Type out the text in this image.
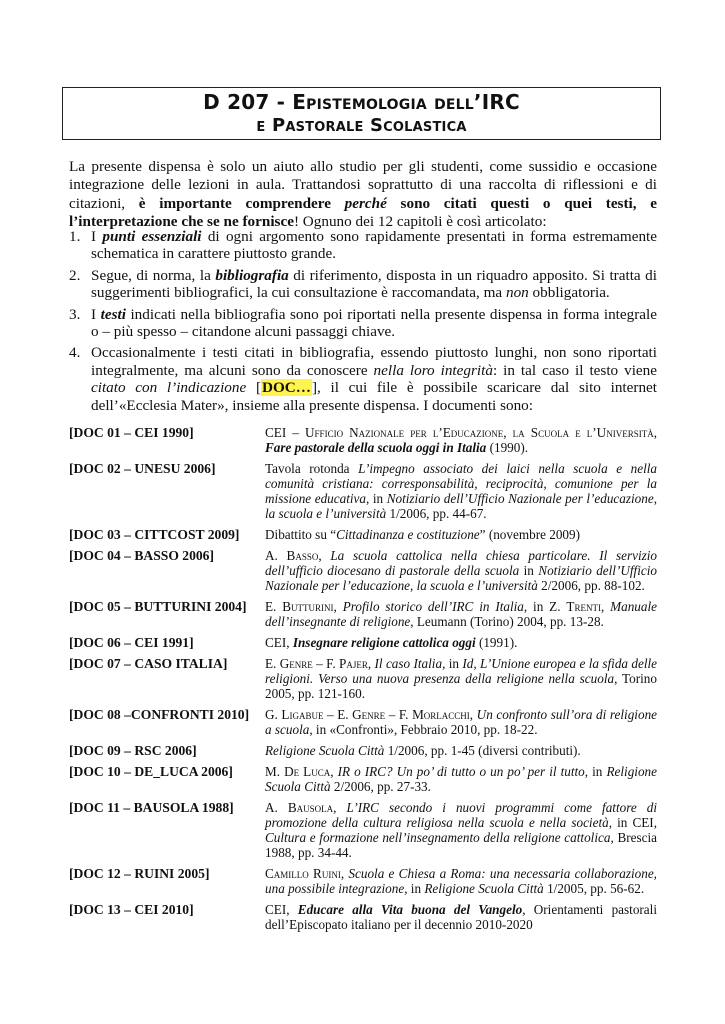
D 207 - Epistemologia dell’IRC
e Pastorale Scolastica
La presente dispensa è solo un aiuto allo studio per gli studenti, come sussidio e occasione integrazione delle lezioni in aula. Trattandosi soprattutto di una raccolta di riflessioni e di citazioni, è importante comprendere perché sono citati questi o quei testi, e l’interpretazione che se ne fornisce! Ognuno dei 12 capitoli è così articolato:
1. I punti essenziali di ogni argomento sono rapidamente presentati in forma estremamente schematica in carattere piuttosto grande.
2. Segue, di norma, la bibliografia di riferimento, disposta in un riquadro apposito. Si tratta di suggerimenti bibliografici, la cui consultazione è raccomandata, ma non obbligatoria.
3. I testi indicati nella bibliografia sono poi riportati nella presente dispensa in forma integrale o – più spesso – citandone alcuni passaggi chiave.
4. Occasionalmente i testi citati in bibliografia, essendo piuttosto lunghi, non sono riportati integralmente, ma alcuni sono da conoscere nella loro integrità: in tal caso il testo viene citato con l’indicazione [DOC…], il cui file è possibile scaricare dal sito internet dell’«Ecclesia Mater», insieme alla presente dispensa. I documenti sono:
[DOC 01 – CEI 1990]	CEI – Ufficio Nazionale per l’Educazione, la Scuola e l’Università, Fare pastorale della scuola oggi in Italia (1990).
[DOC 02 – UNESU 2006]	Tavola rotonda L’impegno associato dei laici nella scuola e nella comunità cristiana: corresponsabilità, reciprocità, comunione per la missione educativa, in Notiziario dell’Ufficio Nazionale per l’educazione, la scuola e l’università 1/2006, pp. 44-67.
[DOC 03 – CITTCOST 2009]	Dibattito su “Cittadinanza e costituzione” (novembre 2009)
[DOC 04 – BASSO 2006]	A. Basso, La scuola cattolica nella chiesa particolare. Il servizio dell’ufficio diocesano di pastorale della scuola in Notiziario dell’Ufficio Nazionale per l’educazione, la scuola e l’università 2/2006, pp. 88-102.
[DOC 05 – BUTTURINI 2004]	E. Butturini, Profilo storico dell’IRC in Italia, in Z. Trenti, Manuale dell’insegnante di religione, Leumann (Torino) 2004, pp. 13-28.
[DOC 06 – CEI 1991]	CEI, Insegnare religione cattolica oggi (1991).
[DOC 07 – CASO ITALIA]	E. Genre – F. Pajer, Il caso Italia, in Id, L’Unione europea e la sfida delle religioni. Verso una nuova presenza della religione nella scuola, Torino 2005, pp. 121-160.
[DOC 08 –CONFRONTI 2010]	G. Ligabue – E. Genre – F. Morlacchi, Un confronto sull’ora di religione a scuola, in «Confronti», Febbraio 2010, pp. 18-22.
[DOC 09 – RSC 2006]	Religione Scuola Città 1/2006, pp. 1-45 (diversi contributi).
[DOC 10 – DE_LUCA 2006]	M. De Luca, IR o IRC? Un po’ di tutto o un po’ per il tutto, in Religione Scuola Città 2/2006, pp. 27-33.
[DOC 11 – BAUSOLA 1988]	A. Bausola, L’IRC secondo i nuovi programmi come fattore di promozione della cultura religiosa nella scuola e nella società, in CEI, Cultura e formazione nell’insegnamento della religione cattolica, Brescia 1988, pp. 34-44.
[DOC 12 – RUINI 2005]	Camillo Ruini, Scuola e Chiesa a Roma: una necessaria collaborazione, una possibile integrazione, in Religione Scuola Città 1/2005, pp. 56-62.
[DOC 13 – CEI 2010]	CEI, Educare alla Vita buona del Vangelo, Orientamenti pastorali dell’Episcopato italiano per il decennio 2010-2020
